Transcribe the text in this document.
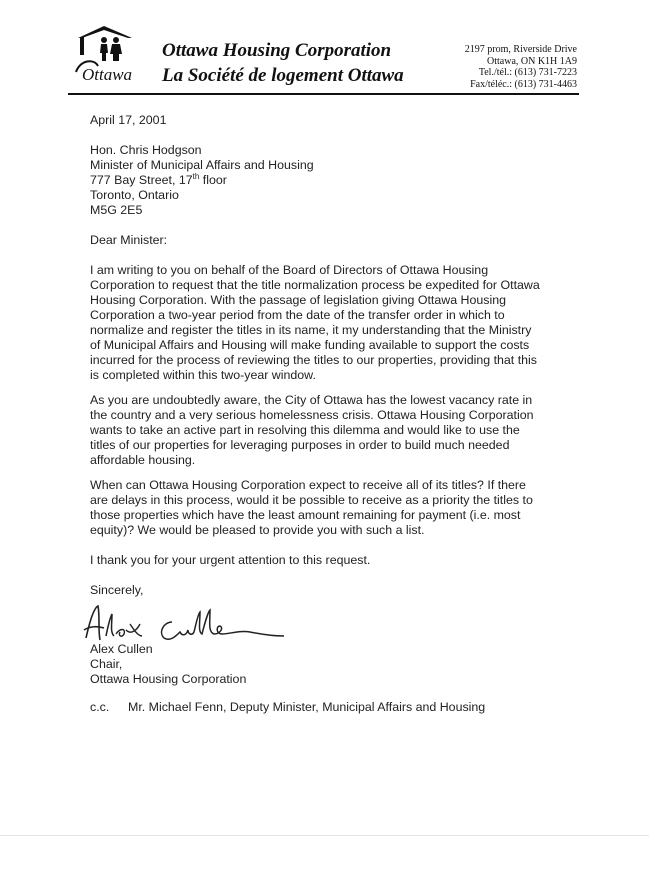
Ottawa
Ottawa Housing Corporation
La Société de logement Ottawa
2197 prom, Riverside Drive
Ottawa, ON K1H 1A9
Tel./tél.: (613) 731-7223
Fax/téléc.: (613) 731-4463
April 17, 2001
Hon. Chris Hodgson
Minister of Municipal Affairs and Housing
777 Bay Street, 17th floor
Toronto, Ontario
M5G 2E5
Dear Minister:
I am writing to you on behalf of the Board of Directors of Ottawa Housing
Corporation to request that the title normalization process be expedited for Ottawa
Housing Corporation. With the passage of legislation giving Ottawa Housing
Corporation a two-year period from the date of the transfer order in which to
normalize and register the titles in its name, it my understanding that the Ministry
of Municipal Affairs and Housing will make funding available to support the costs
incurred for the process of reviewing the titles to our properties, providing that this
is completed within this two-year window.
As you are undoubtedly aware, the City of Ottawa has the lowest vacancy rate in
the country and a very serious homelessness crisis. Ottawa Housing Corporation
wants to take an active part in resolving this dilemma and would like to use the
titles of our properties for leveraging purposes in order to build much needed
affordable housing.
When can Ottawa Housing Corporation expect to receive all of its titles? If there
are delays in this process, would it be possible to receive as a priority the titles to
those properties which have the least amount remaining for payment (i.e. most
equity)? We would be pleased to provide you with such a list.
I thank you for your urgent attention to this request.
Sincerely,
Alex Cullen
Chair,
Ottawa Housing Corporation
c.c. Mr. Michael Fenn, Deputy Minister, Municipal Affairs and Housing
